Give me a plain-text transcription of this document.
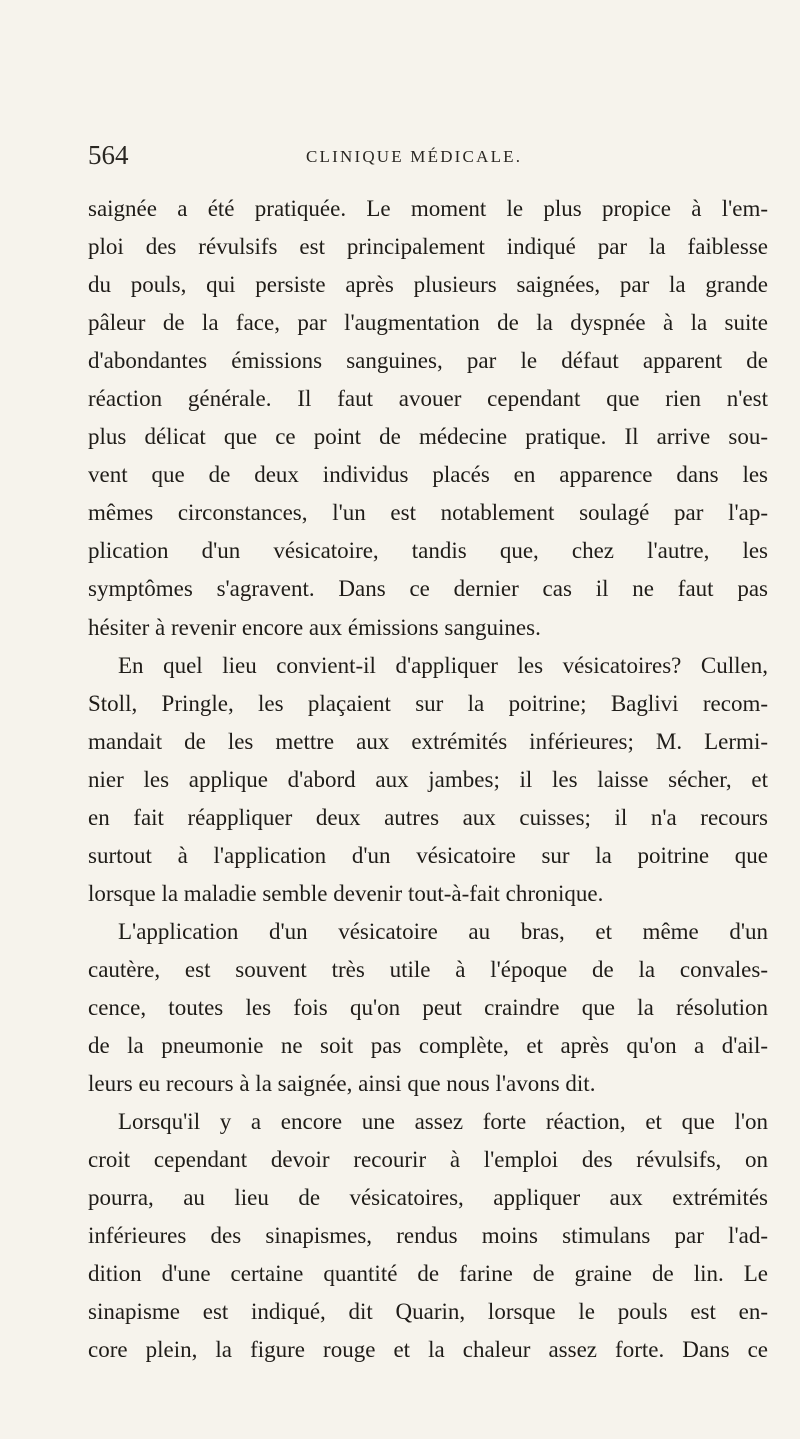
564	CLINIQUE MÉDICALE.
saignée a été pratiquée. Le moment le plus propice à l'em-
ploi des révulsifs est principalement indiqué par la faiblesse
du pouls, qui persiste après plusieurs saignées, par la grande
pâleur de la face, par l'augmentation de la dyspnée à la suite
d'abondantes émissions sanguines, par le défaut apparent de
réaction générale. Il faut avouer cependant que rien n'est
plus délicat que ce point de médecine pratique. Il arrive sou-
vent que de deux individus placés en apparence dans les
mêmes circonstances, l'un est notablement soulagé par l'ap-
plication d'un vésicatoire, tandis que, chez l'autre, les
symptômes s'agravent. Dans ce dernier cas il ne faut pas
hésiter à revenir encore aux émissions sanguines.
En quel lieu convient-il d'appliquer les vésicatoires? Cullen,
Stoll, Pringle, les plaçaient sur la poitrine; Baglivi recom-
mandait de les mettre aux extrémités inférieures; M. Lermi-
nier les applique d'abord aux jambes; il les laisse sécher, et
en fait réappliquer deux autres aux cuisses; il n'a recours
surtout à l'application d'un vésicatoire sur la poitrine que
lorsque la maladie semble devenir tout-à-fait chronique.
L'application d'un vésicatoire au bras, et même d'un
cautère, est souvent très utile à l'époque de la convales-
cence, toutes les fois qu'on peut craindre que la résolution
de la pneumonie ne soit pas complète, et après qu'on a d'ail-
leurs eu recours à la saignée, ainsi que nous l'avons dit.
Lorsqu'il y a encore une assez forte réaction, et que l'on
croit cependant devoir recourir à l'emploi des révulsifs, on
pourra, au lieu de vésicatoires, appliquer aux extrémités
inférieures des sinapismes, rendus moins stimulans par l'ad-
dition d'une certaine quantité de farine de graine de lin. Le
sinapisme est indiqué, dit Quarin, lorsque le pouls est en-
core plein, la figure rouge et la chaleur assez forte. Dans ce
